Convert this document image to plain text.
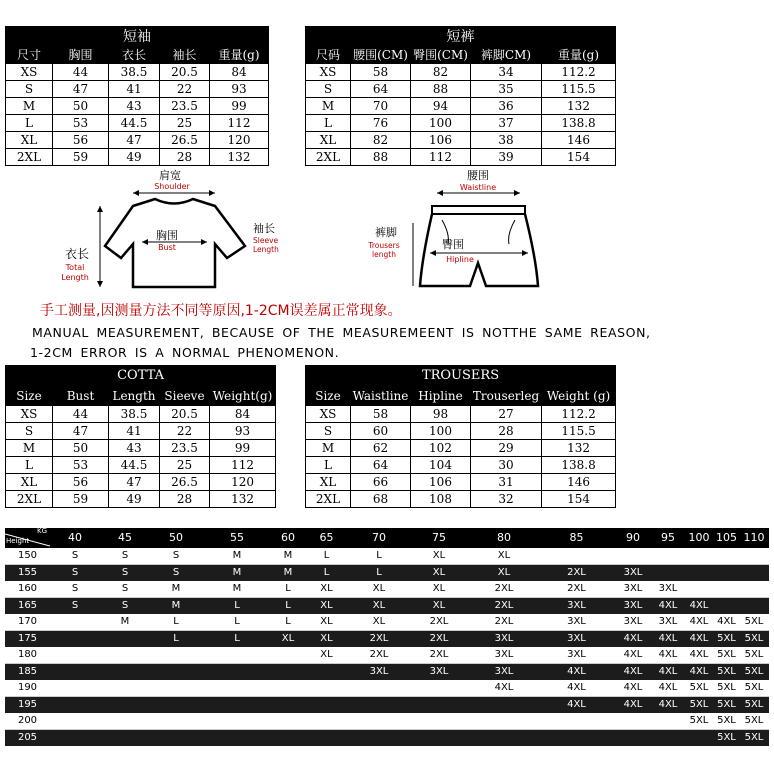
短袖				
尺寸	胸围	衣长	袖长	重量(g)
XS	44	38.5	20.5	84
S	47	41	22	93
M	50	43	23.5	99
L	53	44.5	25	112
XL	56	47	26.5	120
2XL	59	49	28	132
短裤				
尺码	腰围(CM)	臀围(CM)	裤脚CM)	重量(g)
XS	58	82	34	112.2
S	64	88	35	115.5
M	70	94	36	132
L	76	100	37	138.8
XL	82	106	38	146
2XL	88	112	39	154
肩宽
Shoulder
胸围
Bust
袖长
Sleeve
Length
衣长
Total
Length
腰围
Waistline
臀围
Hipline
裤脚
Trousers
length
手工测量,因测量方法不同等原因,1-2CM误差属正常现象。
MANUAL MEASUREMENT, BECAUSE OF THE MEASUREMEENT IS NOTTHE SAME REASON,
1-2CM ERROR IS A NORMAL PHENOMENON.
COTTA				
Size	Bust	Length	Sieeve	Weight(g)
XS	44	38.5	20.5	84
S	47	41	22	93
M	50	43	23.5	99
L	53	44.5	25	112
XL	56	47	26.5	120
2XL	59	49	28	132
TROUSERS				
Size	Waistline	Hipline	Trouserleg	Weight (g)
XS	58	98	27	112.2
S	60	100	28	115.5
M	62	102	29	132
L	64	104	30	138.8
XL	66	106	31	146
2XL	68	108	32	154
KG
Height	40	45	50	55	60	65	70	75	80	85	90	95	100	105	110
150	S	S	S	M	M	L	L	XL	XL						
155	S	S	S	M	M	L	L	XL	XL	2XL	3XL				
160	S	S	M	M	L	XL	XL	XL	2XL	2XL	3XL	3XL			
165	S	S	M	L	L	XL	XL	XL	2XL	3XL	3XL	4XL	4XL		
170		M	L	L	L	XL	XL	2XL	2XL	3XL	3XL	3XL	4XL	4XL	5XL
175			L	L	XL	XL	2XL	2XL	3XL	3XL	4XL	4XL	4XL	5XL	5XL
180						XL	2XL	2XL	3XL	3XL	4XL	4XL	4XL	5XL	5XL
185							3XL	3XL	3XL	4XL	4XL	4XL	4XL	5XL	5XL
190									4XL	4XL	4XL	4XL	5XL	5XL	5XL
195										4XL	4XL	4XL	5XL	5XL	5XL
200													5XL	5XL	5XL
205														5XL	5XL
